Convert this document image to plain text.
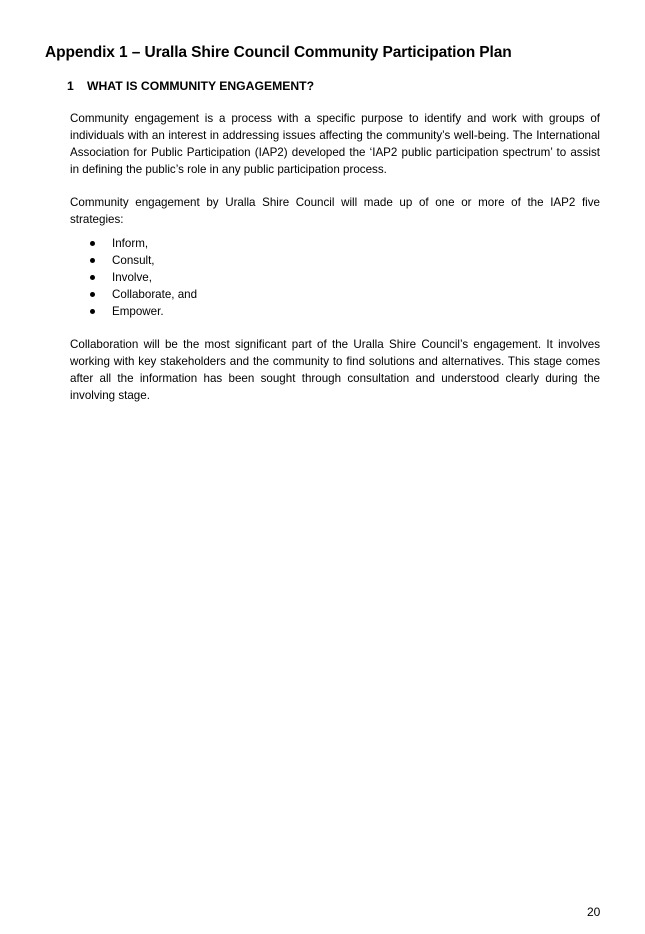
Appendix 1 – Uralla Shire Council Community Participation Plan
1 WHAT IS COMMUNITY ENGAGEMENT?

Community engagement is a process with a specific purpose to identify and work with groups of individuals with an interest in addressing issues affecting the community’s well-being. The International Association for Public Participation (IAP2) developed the ‘IAP2 public participation spectrum’ to assist in defining the public’s role in any public participation process.

Community engagement by Uralla Shire Council will made up of one or more of the IAP2 five strategies:

Inform,
Consult,
Involve,
Collaborate, and
Empower.

Collaboration will be the most significant part of the Uralla Shire Council’s engagement. It involves working with key stakeholders and the community to find solutions and alternatives. This stage comes after all the information has been sought through consultation and understood clearly during the involving stage.

20
